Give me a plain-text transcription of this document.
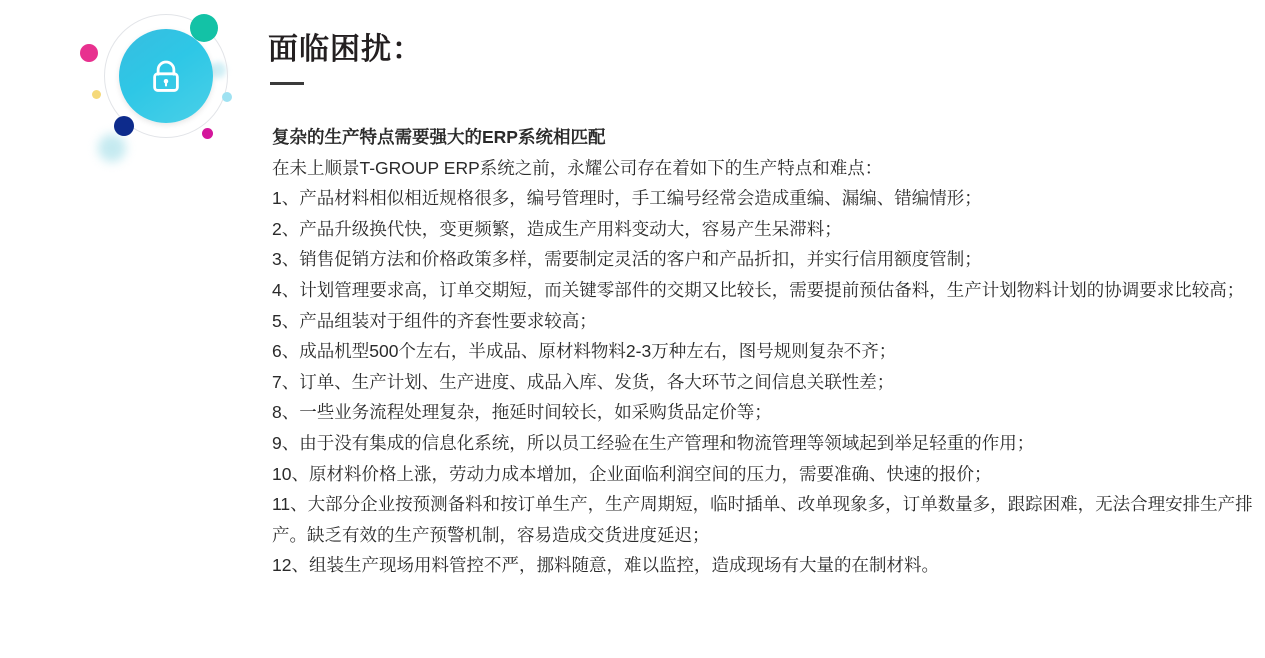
面临困扰：
复杂的生产特点需要强大的ERP系统相匹配
在未上顺景T-GROUP ERP系统之前，永耀公司存在着如下的生产特点和难点：
1、产品材料相似相近规格很多，编号管理时，手工编号经常会造成重编、漏编、错编情形；
2、产品升级换代快，变更频繁，造成生产用料变动大，容易产生呆滞料；
3、销售促销方法和价格政策多样，需要制定灵活的客户和产品折扣，并实行信用额度管制；
4、计划管理要求高，订单交期短，而关键零部件的交期又比较长，需要提前预估备料，生产计划物料计划的协调要求比较高；
5、产品组装对于组件的齐套性要求较高；
6、成品机型500个左右，半成品、原材料物料2-3万种左右，图号规则复杂不齐；
7、订单、生产计划、生产进度、成品入库、发货，各大环节之间信息关联性差；
8、一些业务流程处理复杂，拖延时间较长，如采购货品定价等；
9、由于没有集成的信息化系统，所以员工经验在生产管理和物流管理等领域起到举足轻重的作用；
10、原材料价格上涨，劳动力成本增加，企业面临利润空间的压力，需要准确、快速的报价；
11、大部分企业按预测备料和按订单生产，生产周期短，临时插单、改单现象多，订单数量多，跟踪困难，无法合理安排生产排产。缺乏有效的生产预警机制，容易造成交货进度延迟；
12、组装生产现场用料管控不严，挪料随意，难以监控，造成现场有大量的在制材料。
